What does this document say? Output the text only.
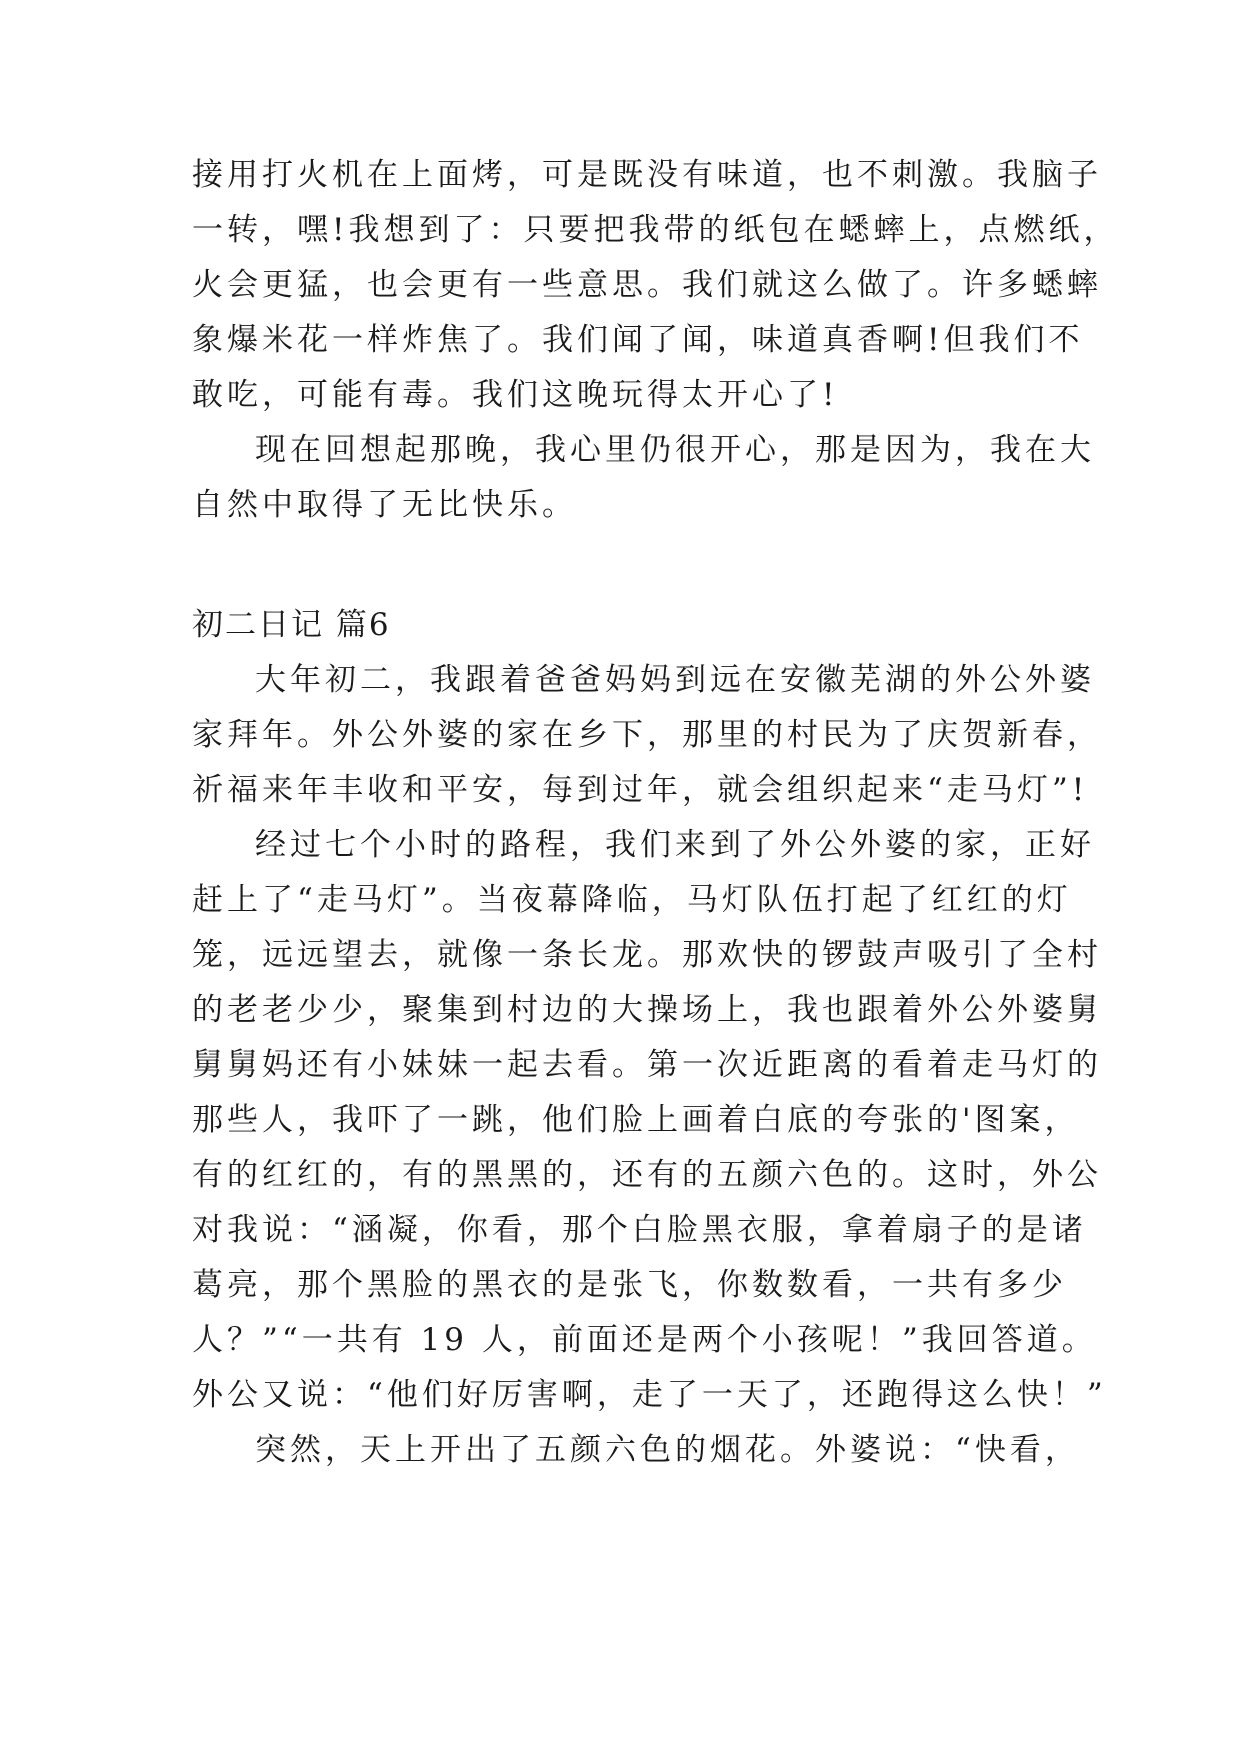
接用打火机在上面烤，可是既没有味道，也不刺激。我脑子
一转，嘿!我想到了：只要把我带的纸包在蟋蟀上，点燃纸，
火会更猛，也会更有一些意思。我们就这么做了。许多蟋蟀
象爆米花一样炸焦了。我们闻了闻，味道真香啊!但我们不
敢吃，可能有毒。我们这晚玩得太开心了!
现在回想起那晚，我心里仍很开心，那是因为，我在大
自然中取得了无比快乐。
初二日记 篇6
大年初二，我跟着爸爸妈妈到远在安徽芜湖的外公外婆
家拜年。外公外婆的家在乡下，那里的村民为了庆贺新春，
祈福来年丰收和平安，每到过年，就会组织起来“走马灯”!
经过七个小时的路程，我们来到了外公外婆的家，正好
赶上了“走马灯”。当夜幕降临，马灯队伍打起了红红的灯
笼，远远望去，就像一条长龙。那欢快的锣鼓声吸引了全村
的老老少少，聚集到村边的大操场上，我也跟着外公外婆舅
舅舅妈还有小妹妹一起去看。第一次近距离的看着走马灯的
那些人，我吓了一跳，他们脸上画着白底的夸张的'图案，
有的红红的，有的黑黑的，还有的五颜六色的。这时，外公
对我说：“涵凝，你看，那个白脸黑衣服，拿着扇子的是诸
葛亮，那个黑脸的黑衣的是张飞，你数数看，一共有多少
人？”“一共有 19 人，前面还是两个小孩呢！”我回答道。
外公又说：“他们好厉害啊，走了一天了，还跑得这么快！”
突然，天上开出了五颜六色的烟花。外婆说：“快看，
